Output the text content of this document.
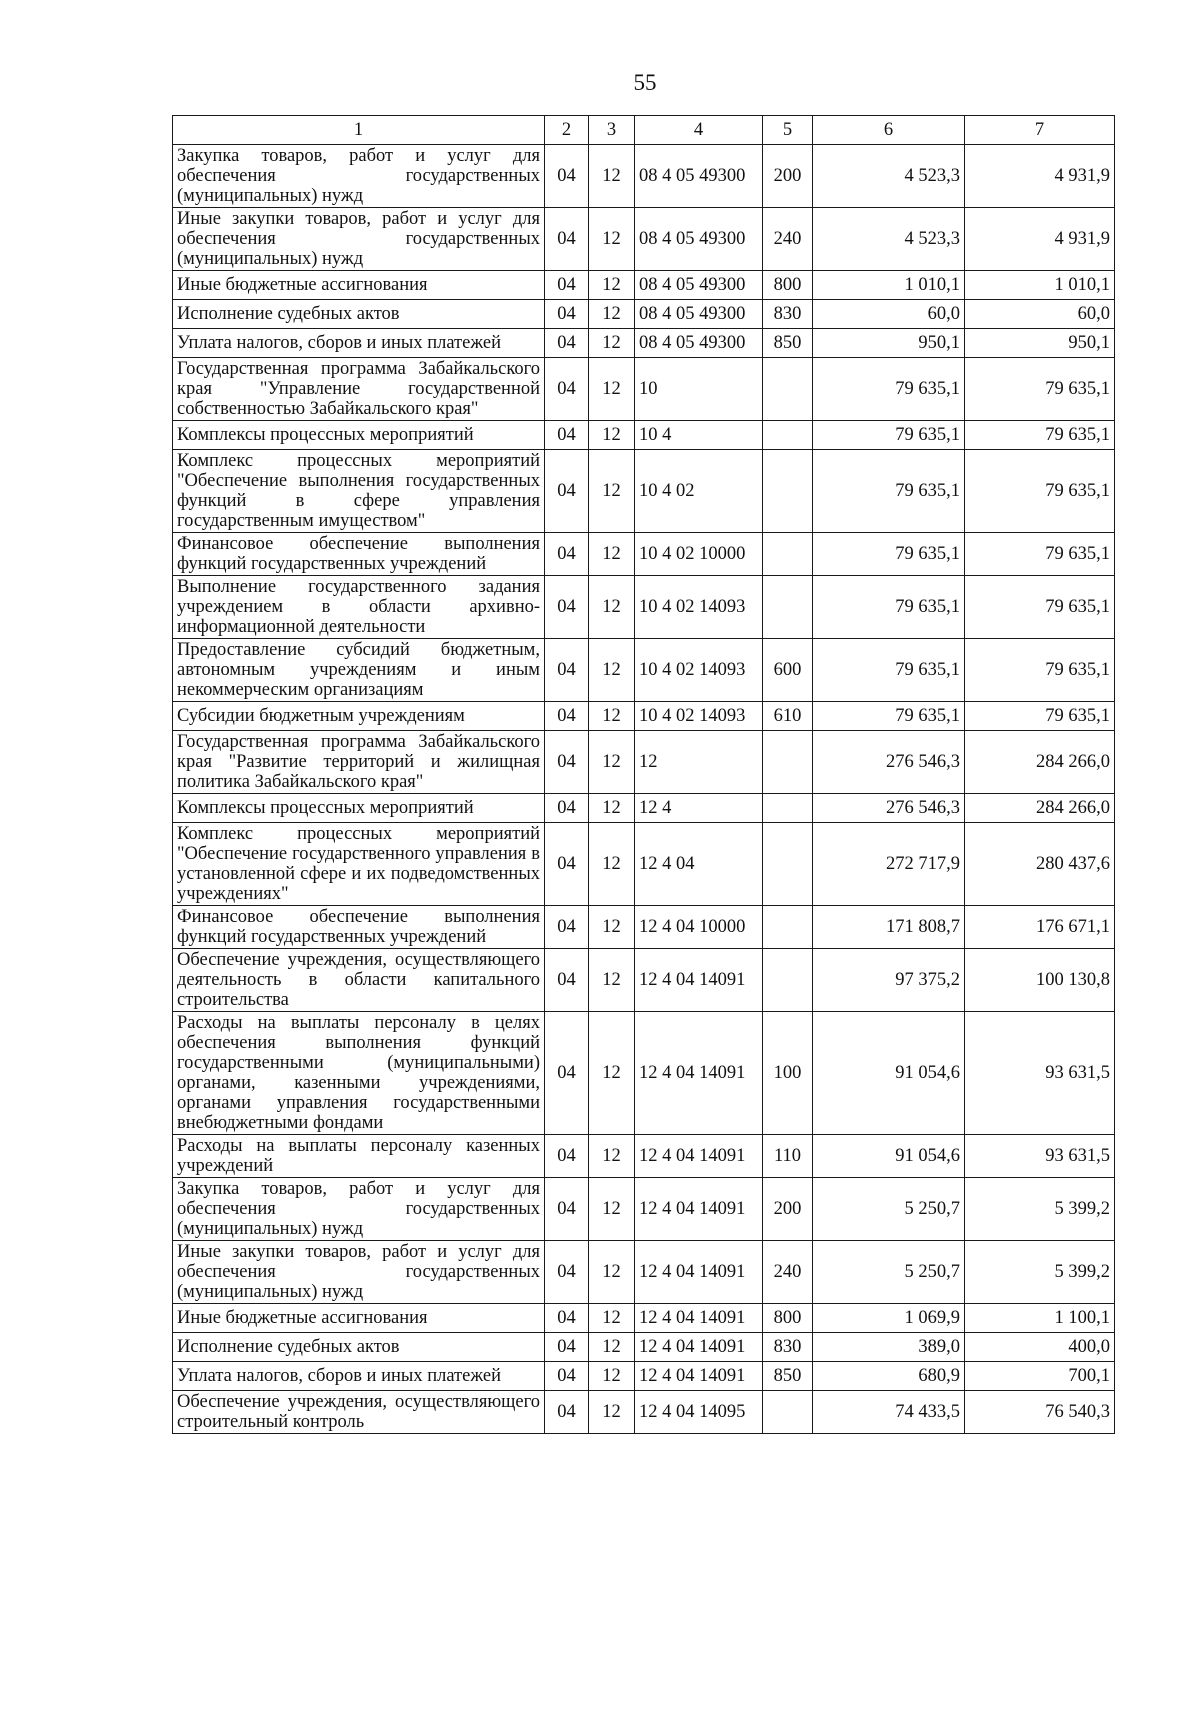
55
1	2	3	4	5	6	7
Закупка товаров, работ и услуг для обеспечения государственных (муниципальных) нужд	04	12	08 4 05 49300	200	4 523,3	4 931,9
Иные закупки товаров, работ и услуг для обеспечения государственных (муниципальных) нужд	04	12	08 4 05 49300	240	4 523,3	4 931,9
Иные бюджетные ассигнования	04	12	08 4 05 49300	800	1 010,1	1 010,1
Исполнение судебных актов	04	12	08 4 05 49300	830	60,0	60,0
Уплата налогов, сборов и иных платежей	04	12	08 4 05 49300	850	950,1	950,1
Государственная программа Забайкальского края "Управление государственной собственностью Забайкальского края"	04	12	10		79 635,1	79 635,1
Комплексы процессных мероприятий	04	12	10 4		79 635,1	79 635,1
Комплекс процессных мероприятий "Обеспечение выполнения государственных функций в сфере управления государственным имуществом"	04	12	10 4 02		79 635,1	79 635,1
Финансовое обеспечение выполнения функций государственных учреждений	04	12	10 4 02 10000		79 635,1	79 635,1
Выполнение государственного задания учреждением в области архивно-информационной деятельности	04	12	10 4 02 14093		79 635,1	79 635,1
Предоставление субсидий бюджетным, автономным учреждениям и иным некоммерческим организациям	04	12	10 4 02 14093	600	79 635,1	79 635,1
Субсидии бюджетным учреждениям	04	12	10 4 02 14093	610	79 635,1	79 635,1
Государственная программа Забайкальского края "Развитие территорий и жилищная политика Забайкальского края"	04	12	12		276 546,3	284 266,0
Комплексы процессных мероприятий	04	12	12 4		276 546,3	284 266,0
Комплекс процессных мероприятий "Обеспечение государственного управления в установленной сфере и их подведомственных учреждениях"	04	12	12 4 04		272 717,9	280 437,6
Финансовое обеспечение выполнения функций государственных учреждений	04	12	12 4 04 10000		171 808,7	176 671,1
Обеспечение учреждения, осуществляющего деятельность в области капитального строительства	04	12	12 4 04 14091		97 375,2	100 130,8
Расходы на выплаты персоналу в целях обеспечения выполнения функций государственными (муниципальными) органами, казенными учреждениями, органами управления государственными внебюджетными фондами	04	12	12 4 04 14091	100	91 054,6	93 631,5
Расходы на выплаты персоналу казенных учреждений	04	12	12 4 04 14091	110	91 054,6	93 631,5
Закупка товаров, работ и услуг для обеспечения государственных (муниципальных) нужд	04	12	12 4 04 14091	200	5 250,7	5 399,2
Иные закупки товаров, работ и услуг для обеспечения государственных (муниципальных) нужд	04	12	12 4 04 14091	240	5 250,7	5 399,2
Иные бюджетные ассигнования	04	12	12 4 04 14091	800	1 069,9	1 100,1
Исполнение судебных актов	04	12	12 4 04 14091	830	389,0	400,0
Уплата налогов, сборов и иных платежей	04	12	12 4 04 14091	850	680,9	700,1
Обеспечение учреждения, осуществляющего строительный контроль	04	12	12 4 04 14095		74 433,5	76 540,3
